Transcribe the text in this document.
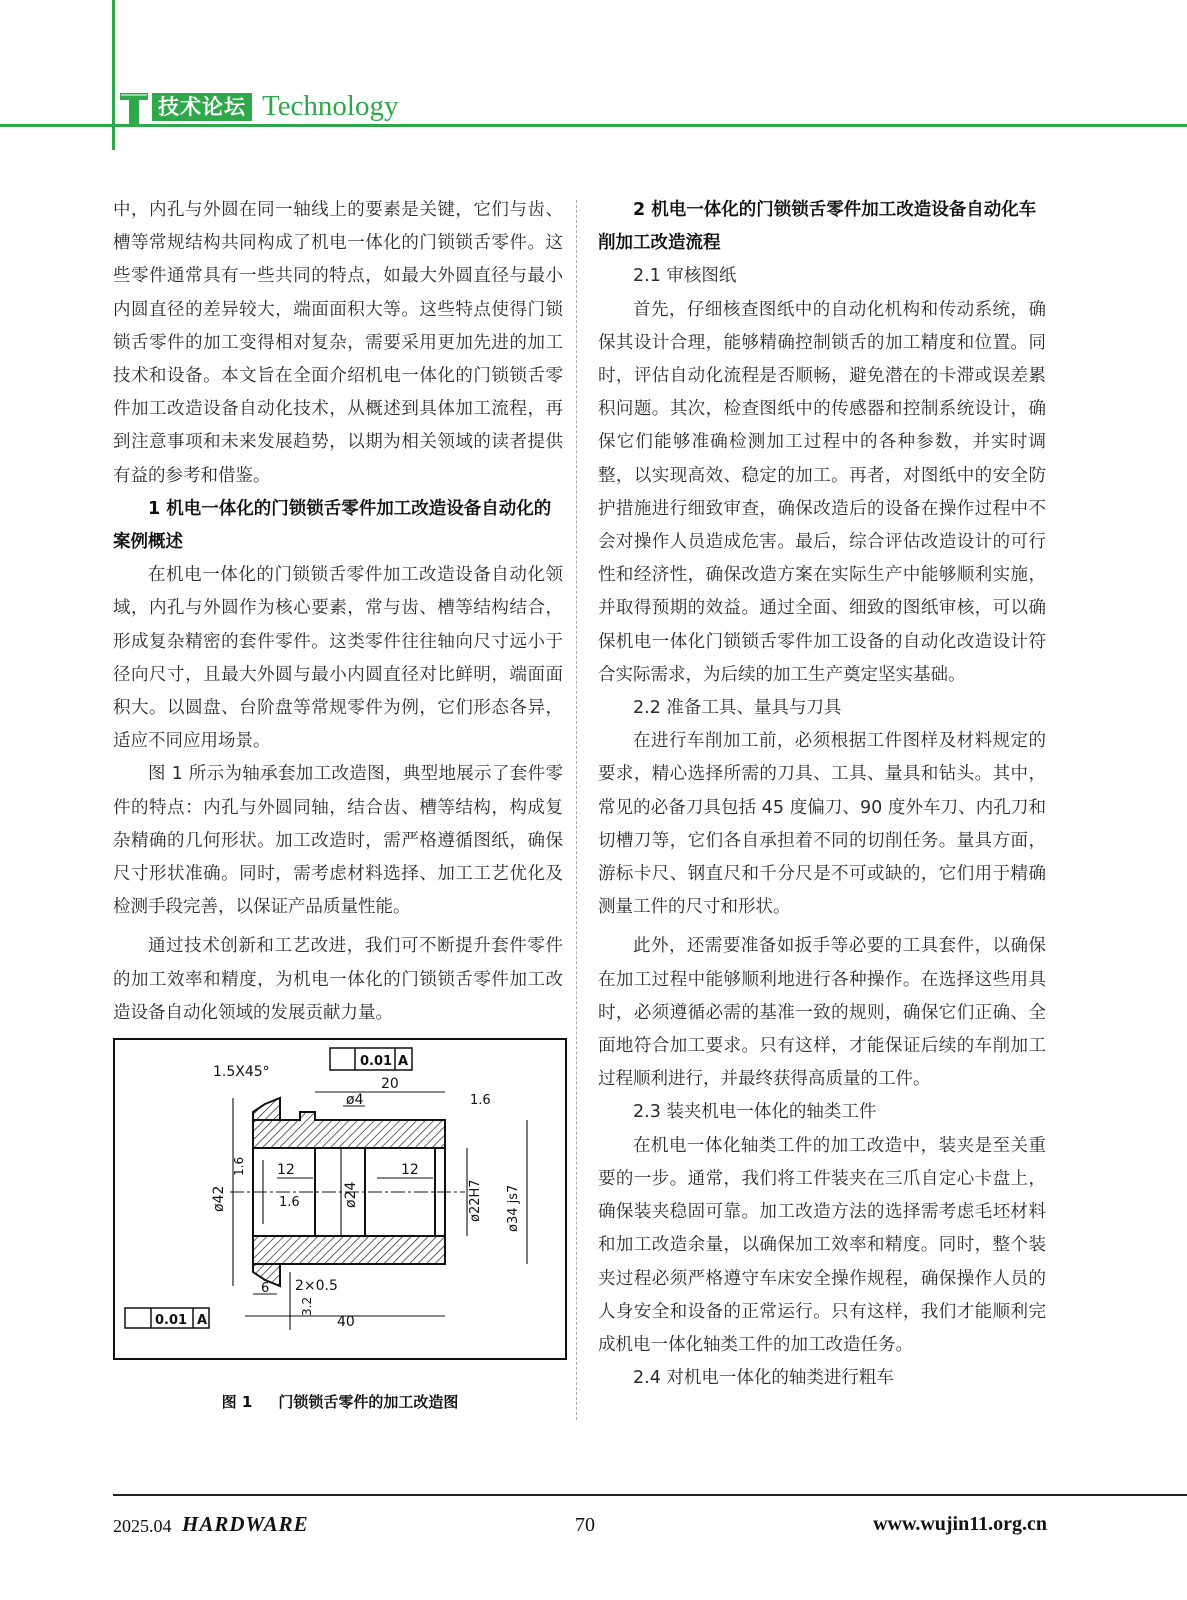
技术论坛 Technology

中，内孔与外圆在同一轴线上的要素是关键，它们与齿、槽等常规结构共同构成了机电一体化的门锁锁舌零件。这些零件通常具有一些共同的特点，如最大外圆直径与最小内圆直径的差异较大，端面面积大等。这些特点使得门锁锁舌零件的加工变得相对复杂，需要采用更加先进的加工技术和设备。本文旨在全面介绍机电一体化的门锁锁舌零件加工改造设备自动化技术，从概述到具体加工流程，再到注意事项和未来发展趋势，以期为相关领域的读者提供有益的参考和借鉴。

1 机电一体化的门锁锁舌零件加工改造设备自动化的案例概述

在机电一体化的门锁锁舌零件加工改造设备自动化领域，内孔与外圆作为核心要素，常与齿、槽等结构结合，形成复杂精密的套件零件。这类零件往往轴向尺寸远小于径向尺寸，且最大外圆与最小内圆直径对比鲜明，端面面积大。以圆盘、台阶盘等常规零件为例，它们形态各异，适应不同应用场景。

图 1 所示为轴承套加工改造图，典型地展示了套件零件的特点：内孔与外圆同轴，结合齿、槽等结构，构成复杂精确的几何形状。加工改造时，需严格遵循图纸，确保尺寸形状准确。同时，需考虑材料选择、加工工艺优化及检测手段完善，以保证产品质量性能。

通过技术创新和工艺改进，我们可不断提升套件零件的加工效率和精度，为机电一体化的门锁锁舌零件加工改造设备自动化领域的发展贡献力量。

1.5X45°
0.01 A
20
ø4	1.6
ø42
1.6 12
1.6	ø24
12
ø22H7 ø34 js7
2×0.5
6
3.2
40
0.01 A
图 1 门锁锁舌零件的加工改造图
2 机电一体化的门锁锁舌零件加工改造设备自动化车削加工改造流程
2.1 审核图纸

首先，仔细核查图纸中的自动化机构和传动系统，确保其设计合理，能够精确控制锁舌的加工精度和位置。同时，评估自动化流程是否顺畅，避免潜在的卡滞或误差累积问题。其次，检查图纸中的传感器和控制系统设计，确保它们能够准确检测加工过程中的各种参数，并实时调整，以实现高效、稳定的加工。再者，对图纸中的安全防护措施进行细致审查，确保改造后的设备在操作过程中不会对操作人员造成危害。最后，综合评估改造设计的可行性和经济性，确保改造方案在实际生产中能够顺利实施，并取得预期的效益。通过全面、细致的图纸审核，可以确保机电一体化门锁锁舌零件加工设备的自动化改造设计符合实际需求，为后续的加工生产奠定坚实基础。

2.2 准备工具、量具与刀具

在进行车削加工前，必须根据工件图样及材料规定的要求，精心选择所需的刀具、工具、量具和钻头。其中，常见的必备刀具包括 45 度偏刀、90 度外车刀、内孔刀和切槽刀等，它们各自承担着不同的切削任务。量具方面，游标卡尺、钢直尺和千分尺是不可或缺的，它们用于精确测量工件的尺寸和形状。

此外，还需要准备如扳手等必要的工具套件，以确保在加工过程中能够顺利地进行各种操作。在选择这些用具时，必须遵循必需的基准一致的规则，确保它们正确、全面地符合加工要求。只有这样，才能保证后续的车削加工过程顺利进行，并最终获得高质量的工件。

2.3 装夹机电一体化的轴类工件

在机电一体化轴类工件的加工改造中，装夹是至关重要的一步。通常，我们将工件装夹在三爪自定心卡盘上，确保装夹稳固可靠。加工改造方法的选择需考虑毛坯材料和加工改造余量，以确保加工效率和精度。同时，整个装夹过程必须严格遵守车床安全操作规程，确保操作人员的人身安全和设备的正常运行。只有这样，我们才能顺利完成机电一体化轴类工件的加工改造任务。

2.4 对机电一体化的轴类进行粗车
2025.04 HARDWARE	70	www.wujin11.org.cn
